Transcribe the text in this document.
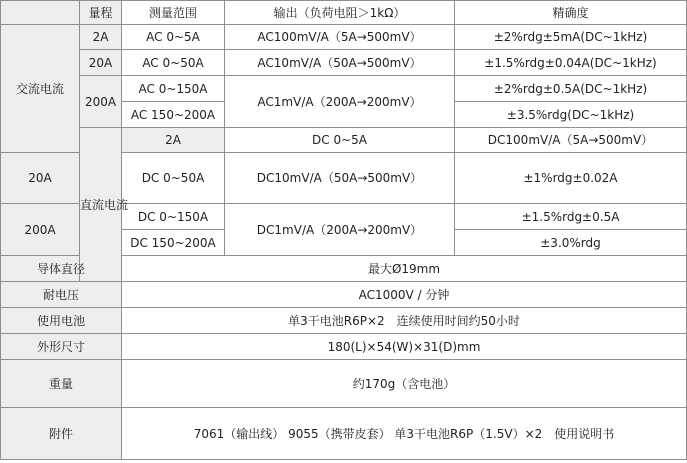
	量程	测量范围	输出（负荷电阻＞1kΩ）	精确度	
交流电流	2A	AC 0~5A	AC100mV/A（5A→500mV）	±2%rdg±5mA(DC~1kHz)	
	20A	AC 0~50A	AC10mV/A（50A→500mV）	±1.5%rdg±0.04A(DC~1kHz)	
	200A	AC 0~150A	AC1mV/A（200A→200mV）	±2%rdg±0.5A(DC~1kHz)	
		AC 150~200A		±3.5%rdg(DC~1kHz)	
	直流电流	2A	DC 0~5A	DC100mV/A（5A→500mV）	
20A		DC 0~50A	DC10mV/A（50A→500mV）	±1%rdg±0.02A	
200A		DC 0~150A	DC1mV/A（200A→200mV）	±1.5%rdg±0.5A	
		DC 150~200A		±3.0%rdg	
导体直径		最大Ø19mm			
耐电压		AC1000V / 分钟			
使用电池		单3干电池R6P×2　连续使用时间约50小时			
外形尺寸		180(L)×54(W)×31(D)mm			
重量		约170g（含电池）			
附件		7061（输出线） 9055（携带皮套） 单3干电池R6P（1.5V）×2　使用说明书			
